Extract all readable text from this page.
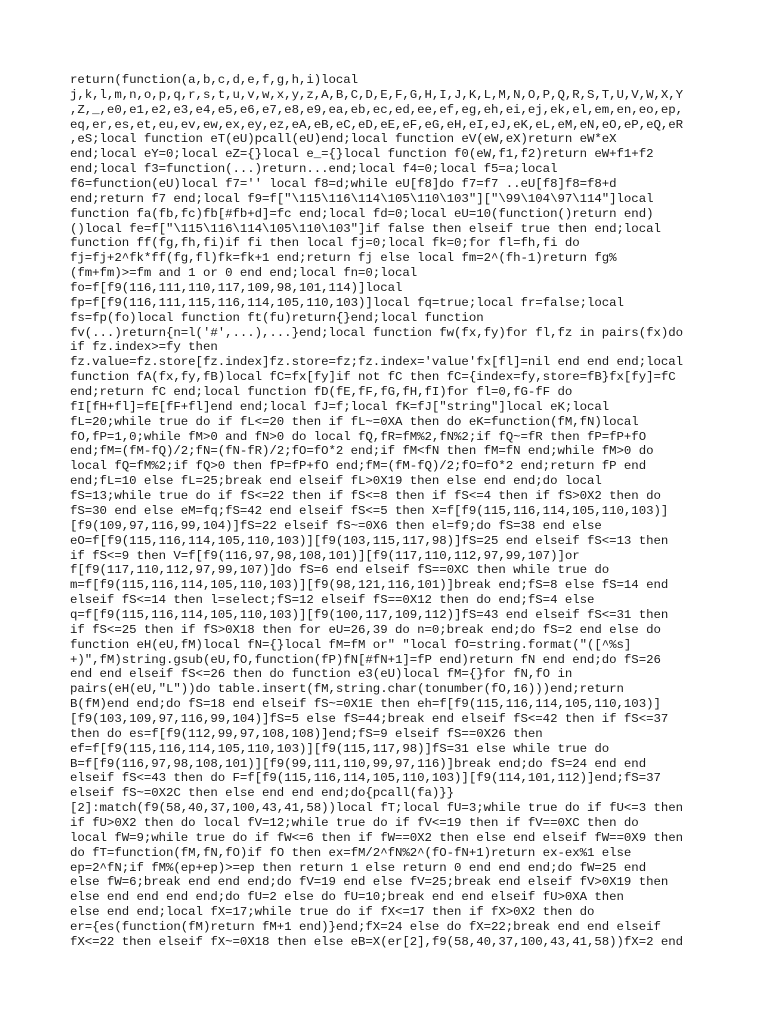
return(function(a,b,c,d,e,f,g,h,i)local
j,k,l,m,n,o,p,q,r,s,t,u,v,w,x,y,z,A,B,C,D,E,F,G,H,I,J,K,L,M,N,O,P,Q,R,S,T,U,V,W,X,Y
,Z,_,e0,e1,e2,e3,e4,e5,e6,e7,e8,e9,ea,eb,ec,ed,ee,ef,eg,eh,ei,ej,ek,el,em,en,eo,ep,
eq,er,es,et,eu,ev,ew,ex,ey,ez,eA,eB,eC,eD,eE,eF,eG,eH,eI,eJ,eK,eL,eM,eN,eO,eP,eQ,eR
,eS;local function eT(eU)pcall(eU)end;local function eV(eW,eX)return eW*eX
end;local eY=0;local eZ={}local e_={}local function f0(eW,f1,f2)return eW+f1+f2
end;local f3=function(...)return...end;local f4=0;local f5=a;local
f6=function(eU)local f7='' local f8=d;while eU[f8]do f7=f7 ..eU[f8]f8=f8+d
end;return f7 end;local f9=f["\115\116\114\105\110\103"]["\99\104\97\114"]local
function fa(fb,fc)fb[#fb+d]=fc end;local fd=0;local eU=10(function()return end)
()local fe=f["\115\116\114\105\110\103"]if false then elseif true then end;local
function ff(fg,fh,fi)if fi then local fj=0;local fk=0;for fl=fh,fi do
fj=fj+2^fk*ff(fg,fl)fk=fk+1 end;return fj else local fm=2^(fh-1)return fg%
(fm+fm)>=fm and 1 or 0 end end;local fn=0;local
fo=f[f9(116,111,110,117,109,98,101,114)]local
fp=f[f9(116,111,115,116,114,105,110,103)]local fq=true;local fr=false;local
fs=fp(fo)local function ft(fu)return{}end;local function
fv(...)return{n=l('#',...),...}end;local function fw(fx,fy)for fl,fz in pairs(fx)do
if fz.index>=fy then
fz.value=fz.store[fz.index]fz.store=fz;fz.index='value'fx[fl]=nil end end end;local
function fA(fx,fy,fB)local fC=fx[fy]if not fC then fC={index=fy,store=fB}fx[fy]=fC
end;return fC end;local function fD(fE,fF,fG,fH,fI)for fl=0,fG-fF do
fI[fH+fl]=fE[fF+fl]end end;local fJ=f;local fK=fJ["string"]local eK;local
fL=20;while true do if fL<=20 then if fL~=0XA then do eK=function(fM,fN)local
fO,fP=1,0;while fM>0 and fN>0 do local fQ,fR=fM%2,fN%2;if fQ~=fR then fP=fP+fO
end;fM=(fM-fQ)/2;fN=(fN-fR)/2;fO=fO*2 end;if fM<fN then fM=fN end;while fM>0 do
local fQ=fM%2;if fQ>0 then fP=fP+fO end;fM=(fM-fQ)/2;fO=fO*2 end;return fP end
end;fL=10 else fL=25;break end elseif fL>0X19 then else end end;do local
fS=13;while true do if fS<=22 then if fS<=8 then if fS<=4 then if fS>0X2 then do
fS=30 end else eM=fq;fS=42 end elseif fS<=5 then X=f[f9(115,116,114,105,110,103)]
[f9(109,97,116,99,104)]fS=22 elseif fS~=0X6 then el=f9;do fS=38 end else
eO=f[f9(115,116,114,105,110,103)][f9(103,115,117,98)]fS=25 end elseif fS<=13 then
if fS<=9 then V=f[f9(116,97,98,108,101)][f9(117,110,112,97,99,107)]or
f[f9(117,110,112,97,99,107)]do fS=6 end elseif fS==0XC then while true do
m=f[f9(115,116,114,105,110,103)][f9(98,121,116,101)]break end;fS=8 else fS=14 end
elseif fS<=14 then l=select;fS=12 elseif fS==0X12 then do end;fS=4 else
q=f[f9(115,116,114,105,110,103)][f9(100,117,109,112)]fS=43 end elseif fS<=31 then
if fS<=25 then if fS>0X18 then for eU=26,39 do n=0;break end;do fS=2 end else do
function eH(eU,fM)local fN={}local fM=fM or" "local fO=string.format("([^%s]
+)",fM)string.gsub(eU,fO,function(fP)fN[#fN+1]=fP end)return fN end end;do fS=26
end end elseif fS<=26 then do function e3(eU)local fM={}for fN,fO in
pairs(eH(eU,"L"))do table.insert(fM,string.char(tonumber(fO,16)))end;return
B(fM)end end;do fS=18 end elseif fS~=0X1E then eh=f[f9(115,116,114,105,110,103)]
[f9(103,109,97,116,99,104)]fS=5 else fS=44;break end elseif fS<=42 then if fS<=37
then do es=f[f9(112,99,97,108,108)]end;fS=9 elseif fS==0X26 then
ef=f[f9(115,116,114,105,110,103)][f9(115,117,98)]fS=31 else while true do
B=f[f9(116,97,98,108,101)][f9(99,111,110,99,97,116)]break end;do fS=24 end end
elseif fS<=43 then do F=f[f9(115,116,114,105,110,103)][f9(114,101,112)]end;fS=37
elseif fS~=0X2C then else end end end;do{pcall(fa)}}
[2]:match(f9(58,40,37,100,43,41,58))local fT;local fU=3;while true do if fU<=3 then
if fU>0X2 then do local fV=12;while true do if fV<=19 then if fV==0XC then do
local fW=9;while true do if fW<=6 then if fW==0X2 then else end elseif fW==0X9 then
do fT=function(fM,fN,fO)if fO then ex=fM/2^fN%2^(fO-fN+1)return ex-ex%1 else
ep=2^fN;if fM%(ep+ep)>=ep then return 1 else return 0 end end end;do fW=25 end
else fW=6;break end end end;do fV=19 end else fV=25;break end elseif fV>0X19 then
else end end end end;do fU=2 else do fU=10;break end end elseif fU>0XA then
else end end;local fX=17;while true do if fX<=17 then if fX>0X2 then do
er={es(function(fM)return fM+1 end)}end;fX=24 else do fX=22;break end end elseif
fX<=22 then elseif fX~=0X18 then else eB=X(er[2],f9(58,40,37,100,43,41,58))fX=2 end
